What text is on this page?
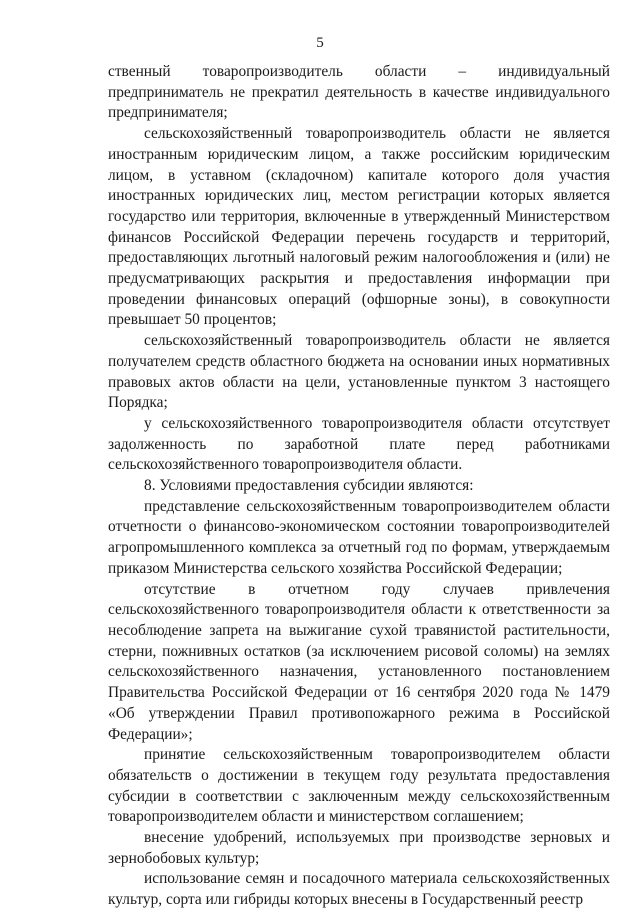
5

ственный товаропроизводитель области – индивидуальный предприниматель не прекратил деятельность в качестве индивидуального предпринимателя;

сельскохозяйственный товаропроизводитель области не является иностранным юридическим лицом, а также российским юридическим лицом, в уставном (складочном) капитале которого доля участия иностранных юридических лиц, местом регистрации которых является государство или территория, включенные в утвержденный Министерством финансов Российской Федерации перечень государств и территорий, предоставляющих льготный налоговый режим налогообложения и (или) не предусматривающих раскрытия и предоставления информации при проведении финансовых операций (офшорные зоны), в совокупности превышает 50 процентов;

сельскохозяйственный товаропроизводитель области не является получателем средств областного бюджета на основании иных нормативных правовых актов области на цели, установленные пунктом 3 настоящего Порядка;

у сельскохозяйственного товаропроизводителя области отсутствует задолженность по заработной плате перед работниками сельскохозяйственного товаропроизводителя области.

8. Условиями предоставления субсидии являются:

представление сельскохозяйственным товаропроизводителем области отчетности о финансово-экономическом состоянии товаропроизводителей агропромышленного комплекса за отчетный год по формам, утверждаемым приказом Министерства сельского хозяйства Российской Федерации;

отсутствие в отчетном году случаев привлечения сельскохозяйственного товаропроизводителя области к ответственности за несоблюдение запрета на выжигание сухой травянистой растительности, стерни, пожнивных остатков (за исключением рисовой соломы) на землях сельскохозяйственного назначения, установленного постановлением Правительства Российской Федерации от 16 сентября 2020 года № 1479 «Об утверждении Правил противопожарного режима в Российской Федерации»;

принятие сельскохозяйственным товаропроизводителем области обязательств о достижении в текущем году результата предоставления субсидии в соответствии с заключенным между сельскохозяйственным товаропроизводителем области и министерством соглашением;

внесение удобрений, используемых при производстве зерновых и зернобобовых культур;

использование семян и посадочного материала сельскохозяйственных культур, сорта или гибриды которых внесены в Государственный реестр
